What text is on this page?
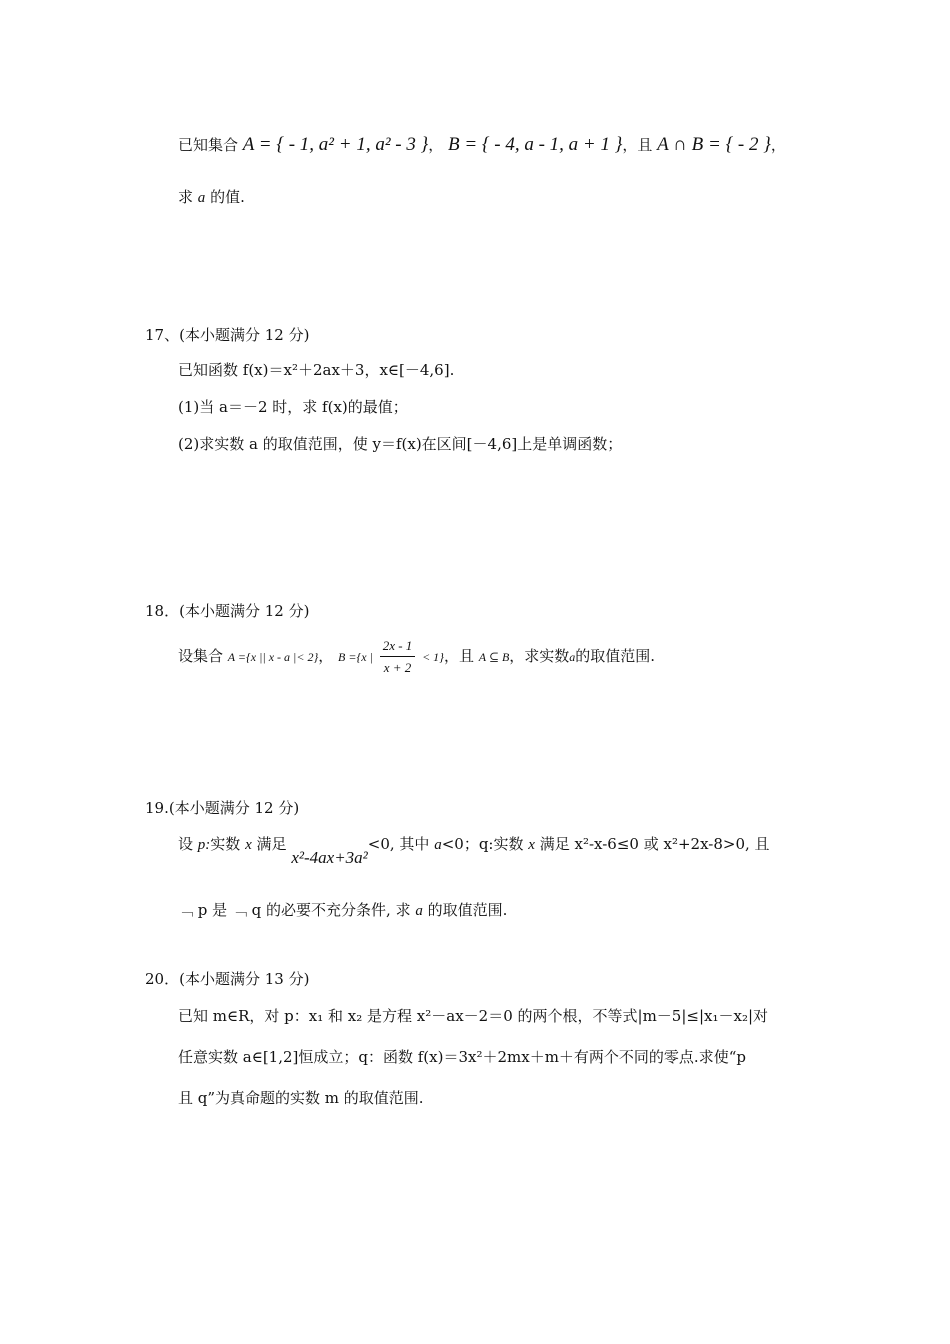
已知集合 A = { - 1, a² + 1, a² - 3 }， B = { - 4, a - 1, a + 1 }，且 A ∩ B = { - 2 }，
求 a 的值.
17、(本小题满分 12 分)
已知函数 f(x)＝x²＋2ax＋3，x∈[－4,6].
(1)当 a＝－2 时，求 f(x)的最值；
(2)求实数 a 的取值范围，使 y＝f(x)在区间[－4,6]上是单调函数；
18．(本小题满分 12 分)
设集合 A ={x || x - a |< 2}， B ={x | $\frac{2x - 1}{x + 2} < 1$}，且 A ⊆ B，求实数a的取值范围.
19.(本小题满分 12 分)
设 p:实数 x 满足 x²-4ax+3a²<0, 其中 a<0；q:实数 x 满足 x²-x-6≤0 或 x²+2x-8>0, 且
﹁ p 是 ﹁ q 的必要不充分条件, 求 a 的取值范围.
20．(本小题满分 13 分)
已知 m∈R，对 p：x₁ 和 x₂ 是方程 x²－ax－2＝0 的两个根，不等式|m－5|≤|x₁－x₂|对
任意实数 a∈[1,2]恒成立；q：函数 f(x)＝3x²＋2mx＋m＋有两个不同的零点.求使“p
且 q”为真命题的实数 m 的取值范围.
